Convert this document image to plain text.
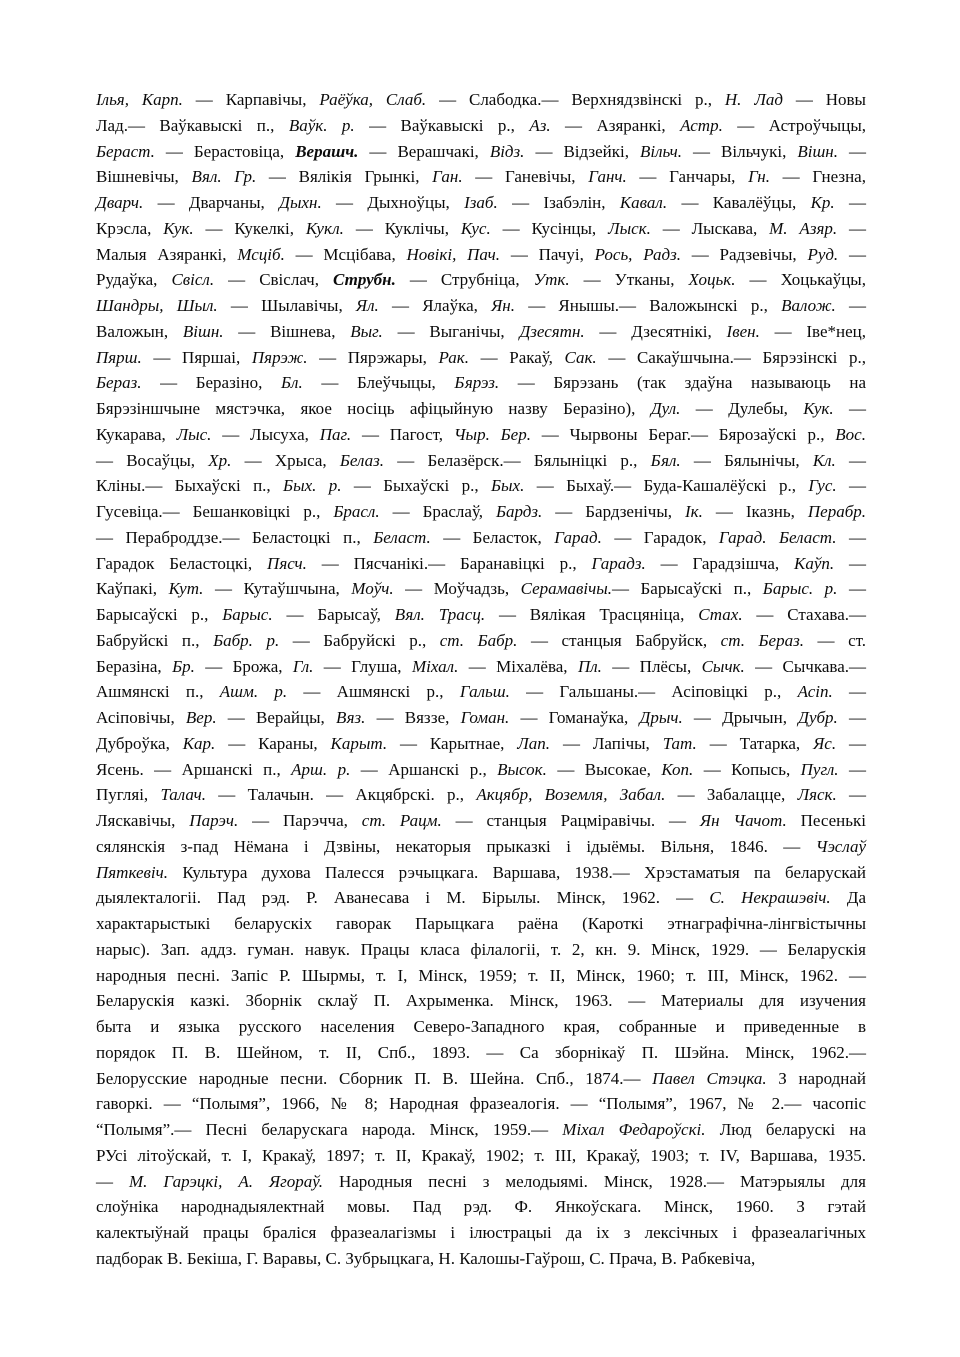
Ілья, Карп. — Карпавічы, Раёўка, Слаб. — Слабодка.— Верхнядзвінскі р., Н. Лад — Новы
Лад.— Ваўкавыскі п., Ваўк. р. — Ваўкавыскі р., Аз. — Азяранкі, Астр. — Астроўчыцы,
Бераст. — Берастовіца, Верашч. — Верашчакі, Відз. — Відзейкі, Вільч. — Вільчукі, Вішн. —
Вішневічы, Вял. Гр. — Вялікія Грынкі, Ган. — Ганевічы, Ганч. — Ганчары, Гн. — Гнезна,
Дварч. — Дварчаны, Дыхн. — Дыхноўцы, Ізаб. — Ізабэлін, Кавал. — Кавалёўцы, Кр. —
Крэсла, Кук. — Кукелкі, Кукл. — Куклічы, Кус. — Кусінцы, Лыск. — Лыскава, М. Азяр. —
Малыя Азяранкі, Мсціб. — Мсцібава, Новікі, Пач. — Пачуі, Рось, Радз. — Радзевічы, Руд. —
Рудаўка, Свісл. — Свіслач, Струбн. — Струбніца, Утк. — Утканы, Хоцьк. — Хоцькаўцы,
Шандры, Шыл. — Шылавічы, Ял. — Ялаўка, Ян. — Янышы.— Валожынскі р., Валож. —
Валожын, Вішн. — Вішнева, Выг. — Выганічы, Дзесятн. — Дзесятнікі, Івен. — Іве*нец,
Пярш. — Пяршаі, Пярэж. — Пярэжары, Рак. — Ракаў, Сак. — Сакаўшчына.— Бярэзінскі р.,
Бераз. — Беразіно, Бл. — Блеўчыцы, Бярэз. — Бярэзань (так здаўна называюць на
Бярэзіншчыне мястэчка, якое носіць афіцыйную назву Беразіно), Дул. — Дулебы, Кук. —
Кукарава, Лыс. — Лысуха, Паг. — Пагост, Чыр. Бер. — Чырвоны Бераг.— Бярозаўскі р., Вос.
— Восаўцы, Хр. — Хрыса, Белаз. — Белазёрск.— Бялыніцкі р., Бял. — Бялынічы, Кл. —
Кліны.— Быхаўскі п., Бых. р. — Быхаўскі р., Бых. — Быхаў.— Буда-Кашалёўскі р., Гус. —
Гусевіца.— Бешанковіцкі р., Брасл. — Браслаў, Бардз. — Бардзенічы, Ік. — Іказнь, Перабр.
— Пераброддзе.— Беластоцкі п., Беласт. — Беласток, Гарад. — Гарадок, Гарад. Беласт. —
Гарадок Беластоцкі, Пясч. — Пясчанікі.— Баранавіцкі р., Гарадз. — Гарадзішча, Каўп. —
Каўпакі, Кут. — Кутаўшчына, Моўч. — Моўчадзь, Серамавічы.— Барысаўскі п., Барыс. р. —
Барысаўскі р., Барыс. — Барысаў, Вял. Трасц. — Вялікая Трасцяніца, Стах. — Стахава.—
Бабруйскі п., Бабр. р. — Бабруйскі р., ст. Бабр. — станцыя Бабруйск, ст. Бераз. — ст.
Беразіна, Бр. — Брожа, Гл. — Глуша, Міхал. — Міхалёва, Пл. — Плёсы, Сычк. — Сычкава.—
Ашмянскі п., Ашм. р. — Ашмянскі р., Гальш. — Гальшаны.— Асіповіцкі р., Асіп. —
Асіповічы, Вер. — Верайцы, Вяз. — Вяззе, Гоман. — Гоманаўка, Дрыч. — Дрычын, Дубр. —
Дуброўка, Кар. — Караны, Карыт. — Карытнае, Лап. — Лапічы, Тат. — Татарка, Яс. —
Ясень. — Аршанскі п., Арш. р. — Аршанскі р., Высок. — Высокае, Коп. — Копысь, Пугл. —
Пугляі, Талач. — Талачын. — Акцябрскі. р., Акцябр, Воземля, Забал. — Забалацце, Ляск. —
Ляскавічы, Парэч. — Парэчча, ст. Рацм. — станцыя Рацміравічы. — Ян Чачот. Песенькі
сялянскія з-пад Нёмана і Дзвіны, некаторыя прыказкі і ідыёмы. Вільня, 1846. — Чэслаў
Пяткевіч. Культура духова Палесся рэчыцкага. Варшава, 1938.— Хрэстаматыя па беларускай
дыялекталогіі. Пад рэд. Р. Аванесава і М. Бірылы. Мінск, 1962. — С. Некрашэвіч. Да
характарыстыкі беларускіх гаворак Парыцкага раёна (Кароткі этнаграфічна-лінгвістычны
нарыс). Зап. аддз. гуман. навук. Працы класа філалогіі, т. 2, кн. 9. Мінск, 1929. — Беларускія
народныя песні. Запіс Р. Шырмы, т. I, Мінск, 1959; т. II, Мінск, 1960; т. III, Мінск, 1962. —
Беларускія казкі. Зборнік склаў П. Ахрыменка. Мінск, 1963. — Материалы для изучения
быта и языка русского населения Северо-Западного края, собранные и приведенные в
порядок П. В. Шейном, т. II, Спб., 1893. — Са зборнікаў П. Шэйна. Мінск, 1962.—
Белорусские народные песни. Сборник П. В. Шейна. Спб., 1874.— Павел Стэцка. З народнай
гаворкі. — “Полымя”, 1966, № 8; Народная фразеалогія. — “Полымя”, 1967, № 2.— часопіс
“Полымя”.— Песні беларускага народа. Мінск, 1959.— Міхал Федароўскі. Люд беларускі на
РУсі літоўскай, т. I, Кракаў, 1897; т. II, Кракаў, 1902; т. III, Кракаў, 1903; т. IV, Варшава, 1935.
— М. Гарэцкі, А. Ягораў. Народныя песні з мелодыямі. Мінск, 1928.— Матэрыялы для
слоўніка народнадыялектнай мовы. Пад рэд. Ф. Янкоўскага. Мінск, 1960. З гэтай
калектыўнай працы браліся фразеалагізмы і ілюстрацыі да іх з лексічных і фразеалагічных
падборак В. Бекіша, Г. Варавы, С. Зубрыцкага, Н. Калошы-Гаўрош, С. Прача, В. Рабкевіча,
